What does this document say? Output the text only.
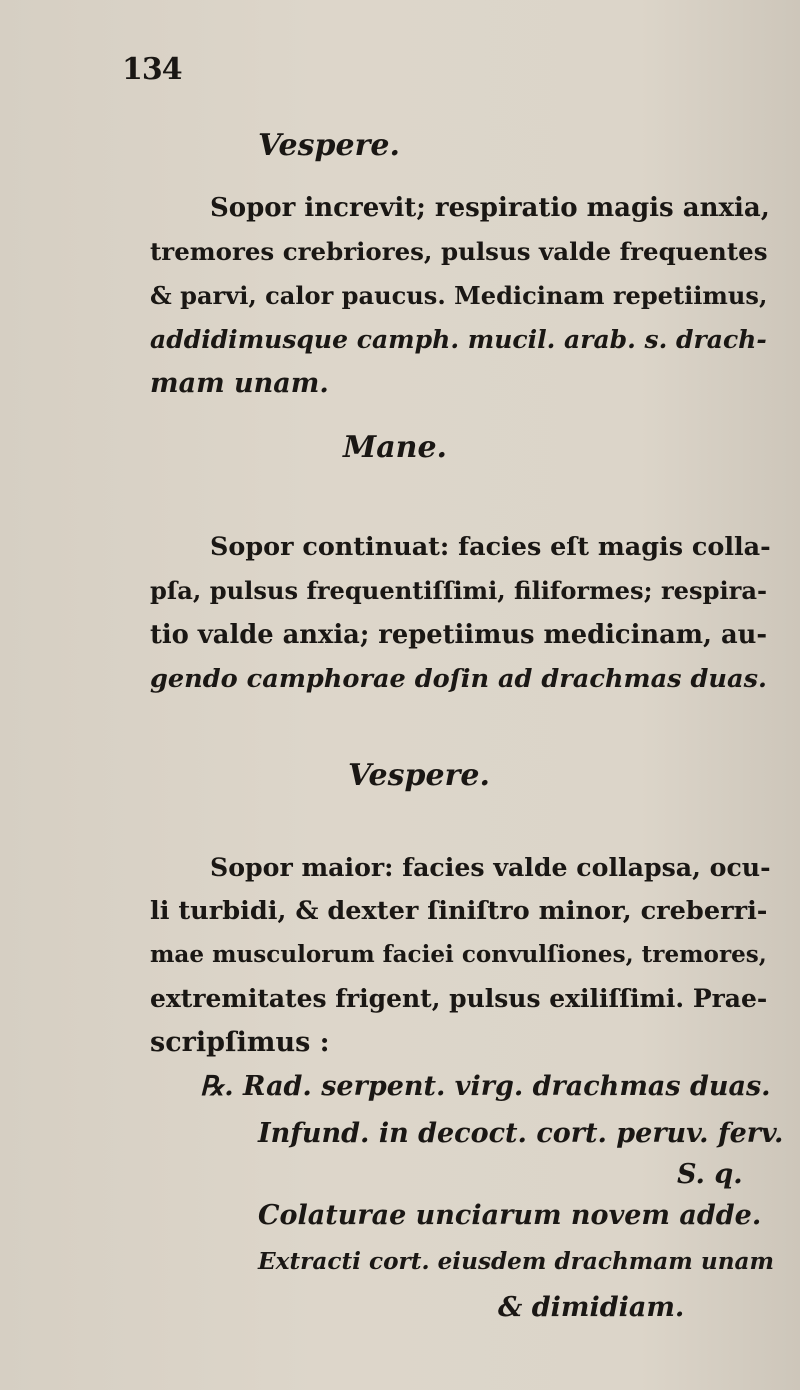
134
Vespere.
Sopor increvit; respiratio magis anxia,
tremores crebriores, pulsus valde frequentes
& parvi, calor paucus. Medicinam repetiimus,
addidimusque camph. mucil. arab. s. drach-
mam unam.
Mane.
Sopor continuat: facies eſt magis colla-
pſa, pulsus frequentiſſimi, filiformes; respira-
tio valde anxia; repetiimus medicinam, au-
gendo camphorae doſin ad drachmas duas.
Vespere.
Sopor maior: facies valde collapsa, ocu-
li turbidi, & dexter ſiniſtro minor, creberri-
mae musculorum faciei convulſiones, tremores,
extremitates frigent, pulsus exiliſſimi. Prae-
scripſimus :
℞. Rad. serpent. virg. drachmas duas.
Infund. in decoct. cort. peruv. ferv.
S. q.
Colaturae unciarum novem adde.
Extracti cort. eiusdem drachmam unam
& dimidiam.
